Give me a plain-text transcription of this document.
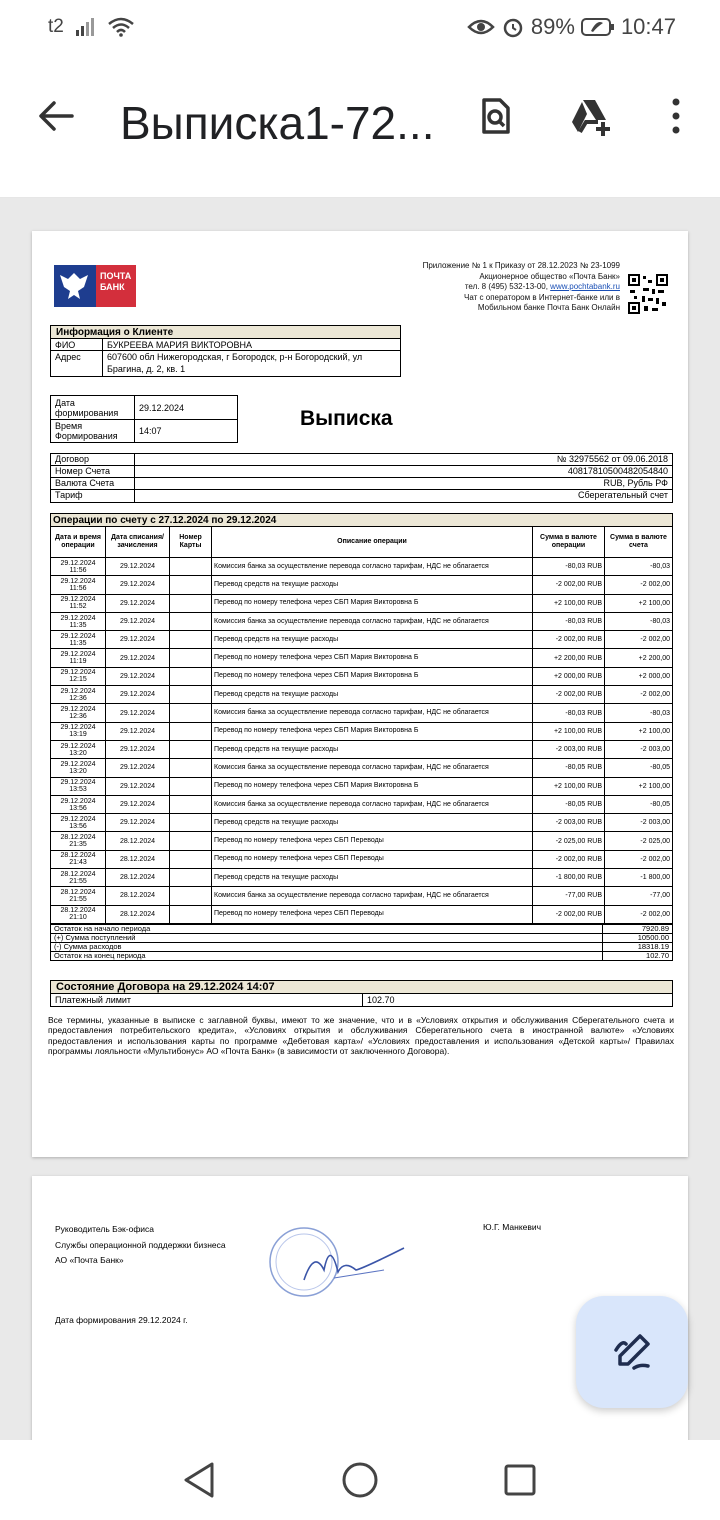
t2	89% 10:47
Выписка1-72...
ПОЧТА БАНК
Приложение № 1 к Приказу от 28.12.2023 № 23-1099
Акционерное общество «Почта Банк»
тел. 8 (495) 532-13-00, www.pochtabank.ru
Чат с оператором в Интернет-банке или в
Мобильном банке Почта Банк Онлайн
Информация о Клиенте
ФИО	БУКРЕЕВА МАРИЯ ВИКТОРОВНА
Адрес	607600 обл Нижегородская, г Богородск, р-н Богородский, ул Брагина, д. 2, кв. 1
Дата формирования	29.12.2024
Время Формирования	14:07
Выписка
Договор	№ 32975562 от 09.06.2018
Номер Счета	40817810500482054840
Валюта Счета	RUB, Рубль РФ
Тариф	Сберегательный счет
Операции по счету с 27.12.2024 по 29.12.2024					
Дата и время операции	Дата списания/ зачисления	Номер Карты	Описание операции	Сумма в валюте операции	Сумма в валюте счета
29.12.2024 11:56	29.12.2024		Комиссия банка за осуществление перевода согласно тарифам, НДС не облагается	-80,03 RUB	-80,03
29.12.2024 11:56	29.12.2024		Перевод средств на текущие расходы	-2 002,00 RUB	-2 002,00
29.12.2024 11:52	29.12.2024		Перевод по номеру телефона через СБП Мария Викторовна Б	+2 100,00 RUB	+2 100,00
29.12.2024 11:35	29.12.2024		Комиссия банка за осуществление перевода согласно тарифам, НДС не облагается	-80,03 RUB	-80,03
29.12.2024 11:35	29.12.2024		Перевод средств на текущие расходы	-2 002,00 RUB	-2 002,00
29.12.2024 11:19	29.12.2024		Перевод по номеру телефона через СБП Мария Викторовна Б	+2 200,00 RUB	+2 200,00
29.12.2024 12:15	29.12.2024		Перевод по номеру телефона через СБП Мария Викторовна Б	+2 000,00 RUB	+2 000,00
29.12.2024 12:36	29.12.2024		Перевод средств на текущие расходы	-2 002,00 RUB	-2 002,00
29.12.2024 12:36	29.12.2024		Комиссия банка за осуществление перевода согласно тарифам, НДС не облагается	-80,03 RUB	-80,03
29.12.2024 13:19	29.12.2024		Перевод по номеру телефона через СБП Мария Викторовна Б	+2 100,00 RUB	+2 100,00
29.12.2024 13:20	29.12.2024		Перевод средств на текущие расходы	-2 003,00 RUB	-2 003,00
29.12.2024 13:20	29.12.2024		Комиссия банка за осуществление перевода согласно тарифам, НДС не облагается	-80,05 RUB	-80,05
29.12.2024 13:53	29.12.2024		Перевод по номеру телефона через СБП Мария Викторовна Б	+2 100,00 RUB	+2 100,00
29.12.2024 13:56	29.12.2024		Комиссия банка за осуществление перевода согласно тарифам, НДС не облагается	-80,05 RUB	-80,05
29.12.2024 13:56	29.12.2024		Перевод средств на текущие расходы	-2 003,00 RUB	-2 003,00
28.12.2024 21:35	28.12.2024		Перевод по номеру телефона через СБП Переводы	-2 025,00 RUB	-2 025,00
28.12.2024 21:43	28.12.2024		Перевод по номеру телефона через СБП Переводы	-2 002,00 RUB	-2 002,00
28.12.2024 21:55	28.12.2024		Перевод средств на текущие расходы	-1 800,00 RUB	-1 800,00
28.12.2024 21:55	28.12.2024		Комиссия банка за осуществление перевода согласно тарифам, НДС не облагается	-77,00 RUB	-77,00
28.12.2024 21:10	28.12.2024		Перевод по номеру телефона через СБП Переводы	-2 002,00 RUB	-2 002,00
Остаток на начало периода	7920.89
(+) Сумма поступлений	10500.00
(-) Сумма расходов	18318.19
Остаток на конец периода	102.70
Состояние Договора на 29.12.2024 14:07
Платежный лимит	102.70
Все термины, указанные в выписке с заглавной буквы, имеют то же значение, что и в «Условиях открытия и обслуживания Сберегательного счета и предоставления потребительского кредита», «Условиях открытия и обслуживания Сберегательного счета в иностранной валюте» «Условиях предоставления и использования карты по программе «Дебетовая карта»/ «Условиях предоставления и использования «Детской карты»/ Правилах программы лояльности «Мультибонус» АО «Почта Банк» (в зависимости от заключенного Договора).
Руководитель Бэк-офиса
Службы операционной поддержки бизнеса
АО «Почта Банк»
Ю.Г. Манкевич
Дата формирования 29.12.2024 г.
